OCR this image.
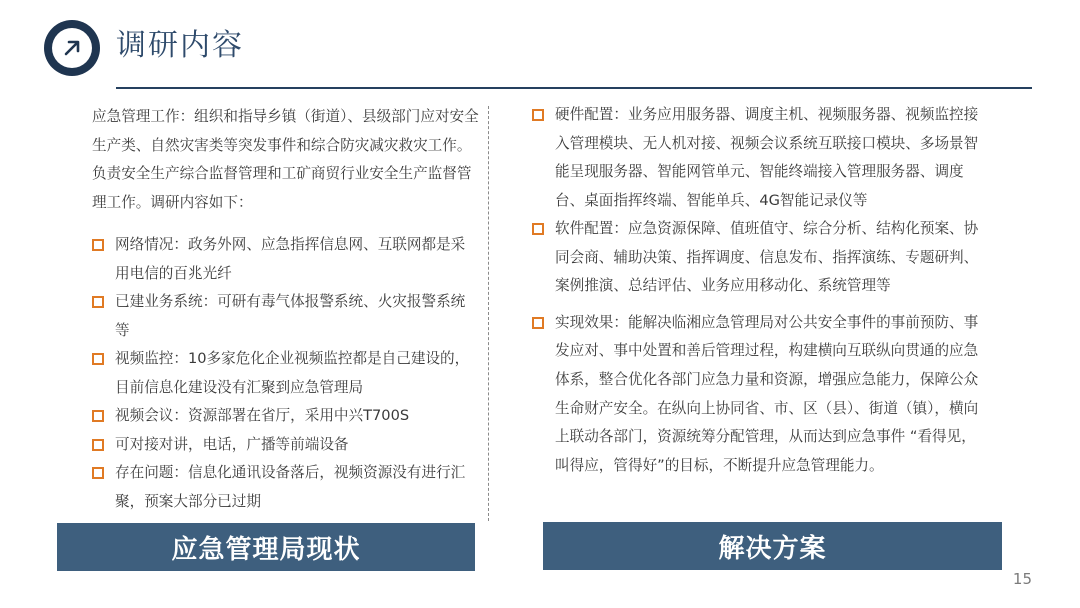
调研内容
应急管理工作：组织和指导乡镇（街道）、县级部门应对安全生产类、自然灾害类等突发事件和综合防灾减灾救灾工作。负责安全生产综合监督管理和工矿商贸行业安全生产监督管理工作。调研内容如下：
网络情况：政务外网、应急指挥信息网、互联网都是采用电信的百兆光纤
已建业务系统：可研有毒气体报警系统、火灾报警系统等
视频监控：10多家危化企业视频监控都是自己建设的，目前信息化建设没有汇聚到应急管理局
视频会议：资源部署在省厅，采用中兴T700S
可对接对讲，电话，广播等前端设备
存在问题：信息化通讯设备落后，视频资源没有进行汇聚，预案大部分已过期
硬件配置：业务应用服务器、调度主机、视频服务器、视频监控接入管理模块、无人机对接、视频会议系统互联接口模块、多场景智能呈现服务器、智能网管单元、智能终端接入管理服务器、调度台、桌面指挥终端、智能单兵、4G智能记录仪等
软件配置：应急资源保障、值班值守、综合分析、结构化预案、协同会商、辅助决策、指挥调度、信息发布、指挥演练、专题研判、案例推演、总结评估、业务应用移动化、系统管理等
实现效果：能解决临湘应急管理局对公共安全事件的事前预防、事发应对、事中处置和善后管理过程，构建横向互联纵向贯通的应急体系，整合优化各部门应急力量和资源，增强应急能力，保障公众生命财产安全。在纵向上协同省、市、区（县）、街道（镇），横向上联动各部门，资源统筹分配管理，从而达到应急事件 “看得见，叫得应，管得好”的目标，不断提升应急管理能力。
应急管理局现状	解决方案
15
